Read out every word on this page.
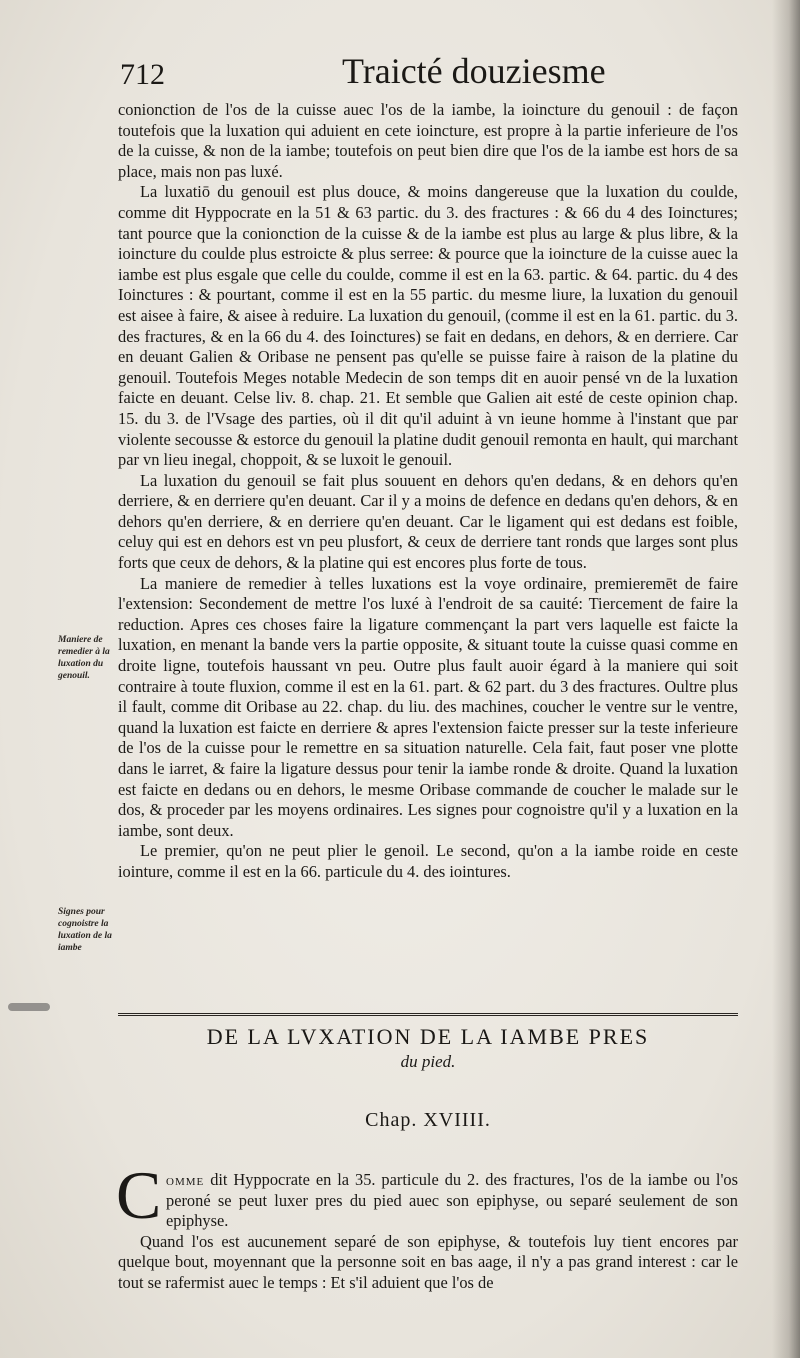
712	Traicté douziesme

conionction de l'os de la cuisse auec l'os de la iambe, la ioincture du genouil : de façon toutefois que la luxation qui aduient en cete ioincture, est propre à la partie inferieure de l'os de la cuisse, & non de la iambe; toutefois on peut bien dire que l'os de la iambe est hors de sa place, mais non pas luxé.

La luxatiō du genouil est plus douce, & moins dangereuse que la luxation du coulde, comme dit Hyppocrate en la 51 & 63 partic. du 3. des fractures : & 66 du 4 des Ioinctures; tant pource que la conionction de la cuisse & de la iambe est plus au large & plus libre, & la ioincture du coulde plus estroicte & plus serree: & pource que la ioincture de la cuisse auec la iambe est plus esgale que celle du coulde, comme il est en la 63. partic. & 64. partic. du 4 des Ioinctures : & pourtant, comme il est en la 55 partic. du mesme liure, la luxation du genouil est aisee à faire, & aisee à reduire. La luxation du genouil, (comme il est en la 61. partic. du 3. des fractures, & en la 66 du 4. des Ioinctures) se fait en dedans, en dehors, & en derriere. Car en deuant Galien & Oribase ne pensent pas qu'elle se puisse faire à raison de la platine du genouil. Toutefois Meges notable Medecin de son temps dit en auoir pensé vn de la luxation faicte en deuant. Celse liv. 8. chap. 21. Et semble que Galien ait esté de ceste opinion chap. 15. du 3. de l'Vsage des parties, où il dit qu'il aduint à vn ieune homme à l'instant que par violente secousse & estorce du genouil la platine dudit genouil remonta en hault, qui marchant par vn lieu inegal, choppoit, & se luxoit le genouil.

La luxation du genouil se fait plus souuent en dehors qu'en dedans, & en dehors qu'en derriere, & en derriere qu'en deuant. Car il y a moins de defence en dedans qu'en dehors, & en dehors qu'en derriere, & en derriere qu'en deuant. Car le ligament qui est dedans est foible, celuy qui est en dehors est vn peu plusfort, & ceux de derriere tant ronds que larges sont plus forts que ceux de dehors, & la platine qui est encores plus forte de tous.

La maniere de remedier à telles luxations est la voye ordinaire, premieremēt de faire l'extension: Secondement de mettre l'os luxé à l'endroit de sa cauité: Tiercement de faire la reduction. Apres ces choses faire la ligature commençant la part vers laquelle est faicte la luxation, en menant la bande vers la partie opposite, & situant toute la cuisse quasi comme en droite ligne, toutefois haussant vn peu. Outre plus fault auoir égard à la maniere qui soit contraire à toute fluxion, comme il est en la 61. part. & 62 part. du 3 des fractures. Oultre plus il fault, comme dit Oribase au 22. chap. du liu. des machines, coucher le ventre sur le ventre, quand la luxation est faicte en derriere & apres l'extension faicte presser sur la teste inferieure de l'os de la cuisse pour le remettre en sa situation naturelle. Cela fait, faut poser vne plotte dans le iarret, & faire la ligature dessus pour tenir la iambe ronde & droite. Quand la luxation est faicte en dedans ou en dehors, le mesme Oribase commande de coucher le malade sur le dos, & proceder par les moyens ordinaires. Les signes pour cognoistre qu'il y a luxation en la iambe, sont deux.

Le premier, qu'on ne peut plier le genoil. Le second, qu'on a la iambe roide en ceste iointure, comme il est en la 66. particule du 4. des iointures.

Maniere de remedier à la luxation du genouil.
Signes pour cognoistre la luxation de la iambe
DE LA LVXATION DE LA IAMBE PRES
du pied.
Chap. XVIIII.
C omme dit Hyppocrate en la 35. particule du 2. des fractures, l'os de la iambe ou l'os peroné se peut luxer pres du pied auec son epiphyse, ou separé seulement de son epiphyse.

Quand l'os est aucunement separé de son epiphyse, & toutefois luy tient encores par quelque bout, moyennant que la personne soit en bas aage, il n'y a pas grand interest : car le tout se rafermist auec le temps : Et s'il aduient que l'os de
